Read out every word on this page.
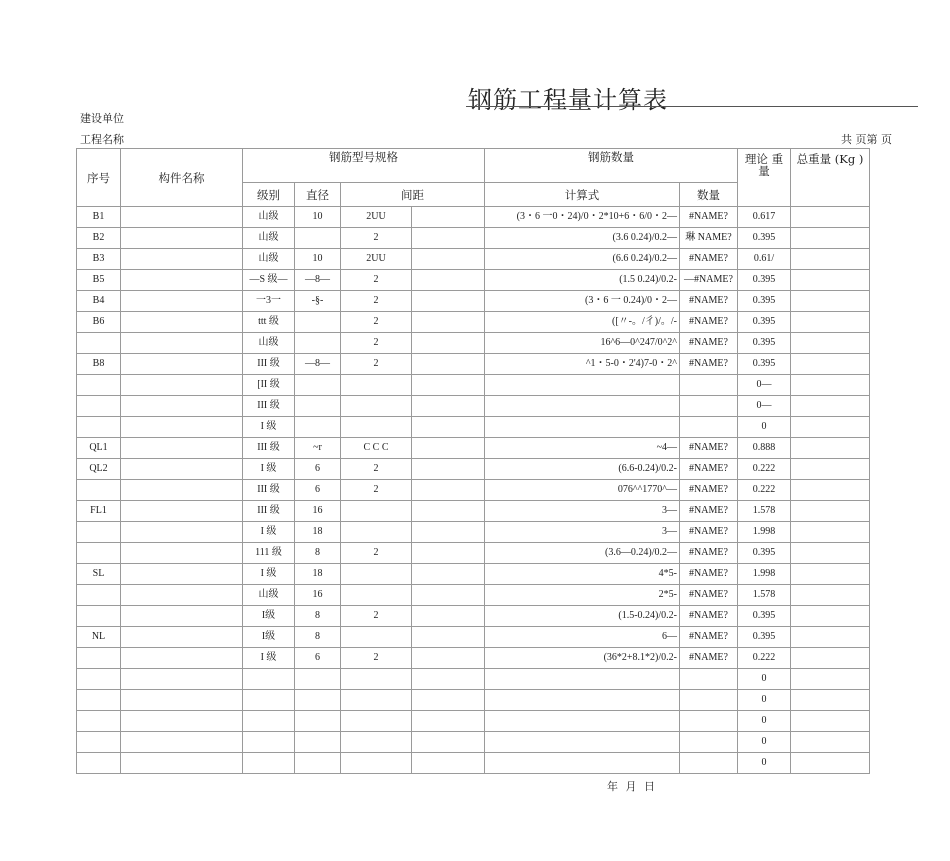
钢筋工程量计算表
建设单位
工程名称	共 页第 页
序号	构件名称	钢筋型号规格				钢筋数量		理论 重量	总重量 (Kg )
		级别	直径	间距		计算式	数量		
B1		山级	10	2UU		(3・6 一0・24)/0・2*10+6・6/0・2—	#NAME?	0.617	
B2		山级		2		(3.6 0.24)/0.2—	琳 NAME?	0.395	
B3		山级	10	2UU		(6.6 0.24)/0.2—	#NAME?	0.61/	
B5		—S 级—	—8—	2		(1.5 0.24)/0.2-	—#NAME?	0.395	
B4		一3一	-§-	2		(3・6 一 0.24)/0・2—	#NAME?	0.395	
B6		ttt 级		2		([〃-。/彳)/。/-	#NAME?	0.395	
		山级		2		16^6—0^247/0^2^	#NAME?	0.395	
B8		III 级	—8—	2		^1・5-0・2'4)7-0・2^	#NAME?	0.395	
		[II 级						0—	
		III 级						0—	
		I 级						0	
QL1		III 级	~r	C C C		~4—	#NAME?	0.888	
QL2		I 级	6	2		(6.6-0.24)/0.2-	#NAME?	0.222	
		III 级	6	2		076^^1770^—	#NAME?	0.222	
FL1		III 级	16			3—	#NAME?	1.578	
		I 级	18			3—	#NAME?	1.998	
		111 级	8	2		(3.6—0.24)/0.2—	#NAME?	0.395	
SL		I 级	18			4*5-	#NAME?	1.998	
		山级	16			2*5-	#NAME?	1.578	
		I级	8	2		(1.5-0.24)/0.2-	#NAME?	0.395	
NL		I级	8			6—	#NAME?	0.395	
		I 级	6	2		(36*2+8.1*2)/0.2-	#NAME?	0.222	
								0	
								0	
								0	
								0	
								0	
年 月 日
